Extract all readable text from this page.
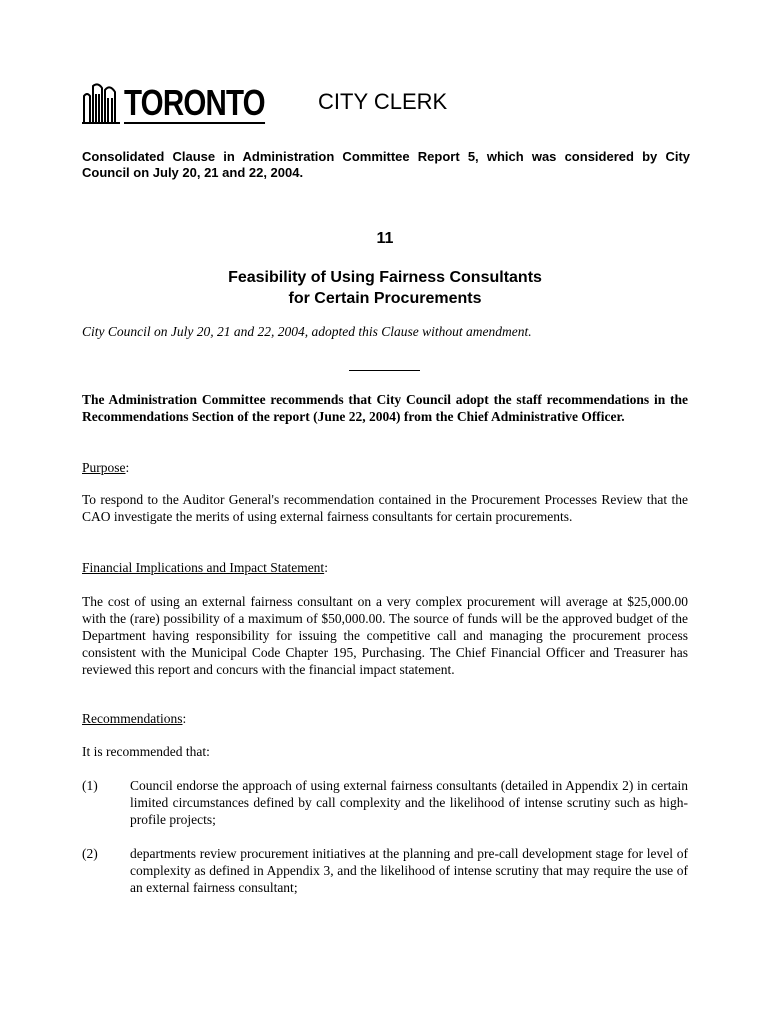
TORONTO CITY CLERK
Consolidated Clause in Administration Committee Report 5, which was considered by City Council on July 20, 21 and 22, 2004.
11
Feasibility of Using Fairness Consultants
for Certain Procurements
City Council on July 20, 21 and 22, 2004, adopted this Clause without amendment.
The Administration Committee recommends that City Council adopt the staff recommendations in the Recommendations Section of the report (June 22, 2004) from the Chief Administrative Officer.
Purpose:
To respond to the Auditor General's recommendation contained in the Procurement Processes Review that the CAO investigate the merits of using external fairness consultants for certain procurements.
Financial Implications and Impact Statement:
The cost of using an external fairness consultant on a very complex procurement will average at $25,000.00 with the (rare) possibility of a maximum of $50,000.00. The source of funds will be the approved budget of the Department having responsibility for issuing the competitive call and managing the procurement process consistent with the Municipal Code Chapter 195, Purchasing. The Chief Financial Officer and Treasurer has reviewed this report and concurs with the financial impact statement.
Recommendations:
It is recommended that:
(1) Council endorse the approach of using external fairness consultants (detailed in Appendix 2) in certain limited circumstances defined by call complexity and the likelihood of intense scrutiny such as high-profile projects;
(2) departments review procurement initiatives at the planning and pre-call development stage for level of complexity as defined in Appendix 3, and the likelihood of intense scrutiny that may require the use of an external fairness consultant;
